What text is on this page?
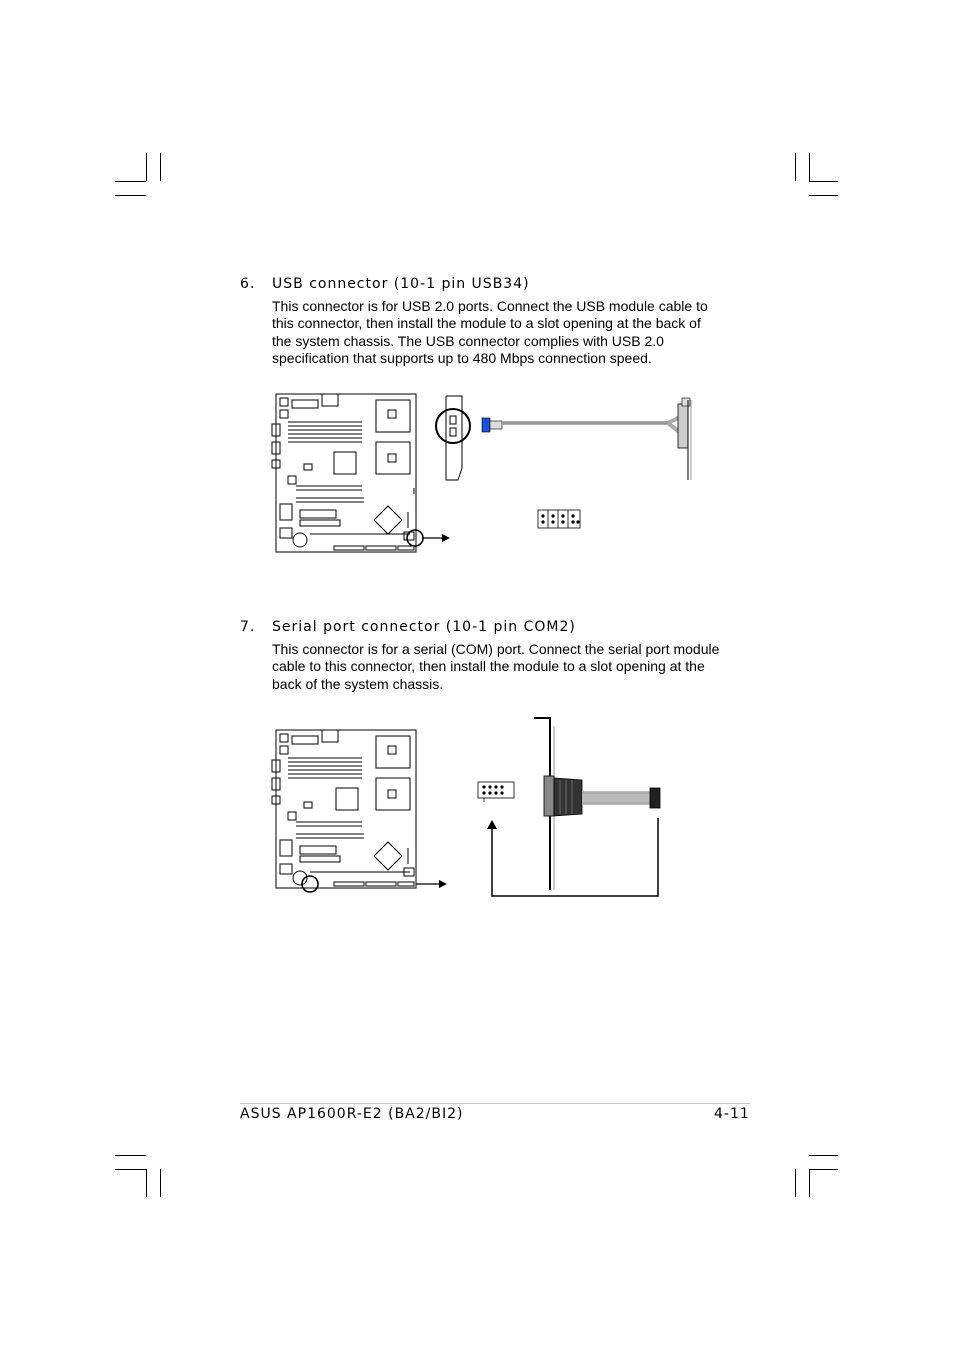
6. USB connector (10-1 pin USB34)
This connector is for USB 2.0 ports. Connect the USB module cable to this connector, then install the module to a slot opening at the back of the system chassis. The USB connector complies with USB 2.0 specification that supports up to 480 Mbps connection speed.
7. Serial port connector (10-1 pin COM2)
This connector is for a serial (COM) port. Connect the serial port module cable to this connector, then install the module to a slot opening at the back of the system chassis.
ASUS AP1600R-E2 (BA2/BI2)	4-11
